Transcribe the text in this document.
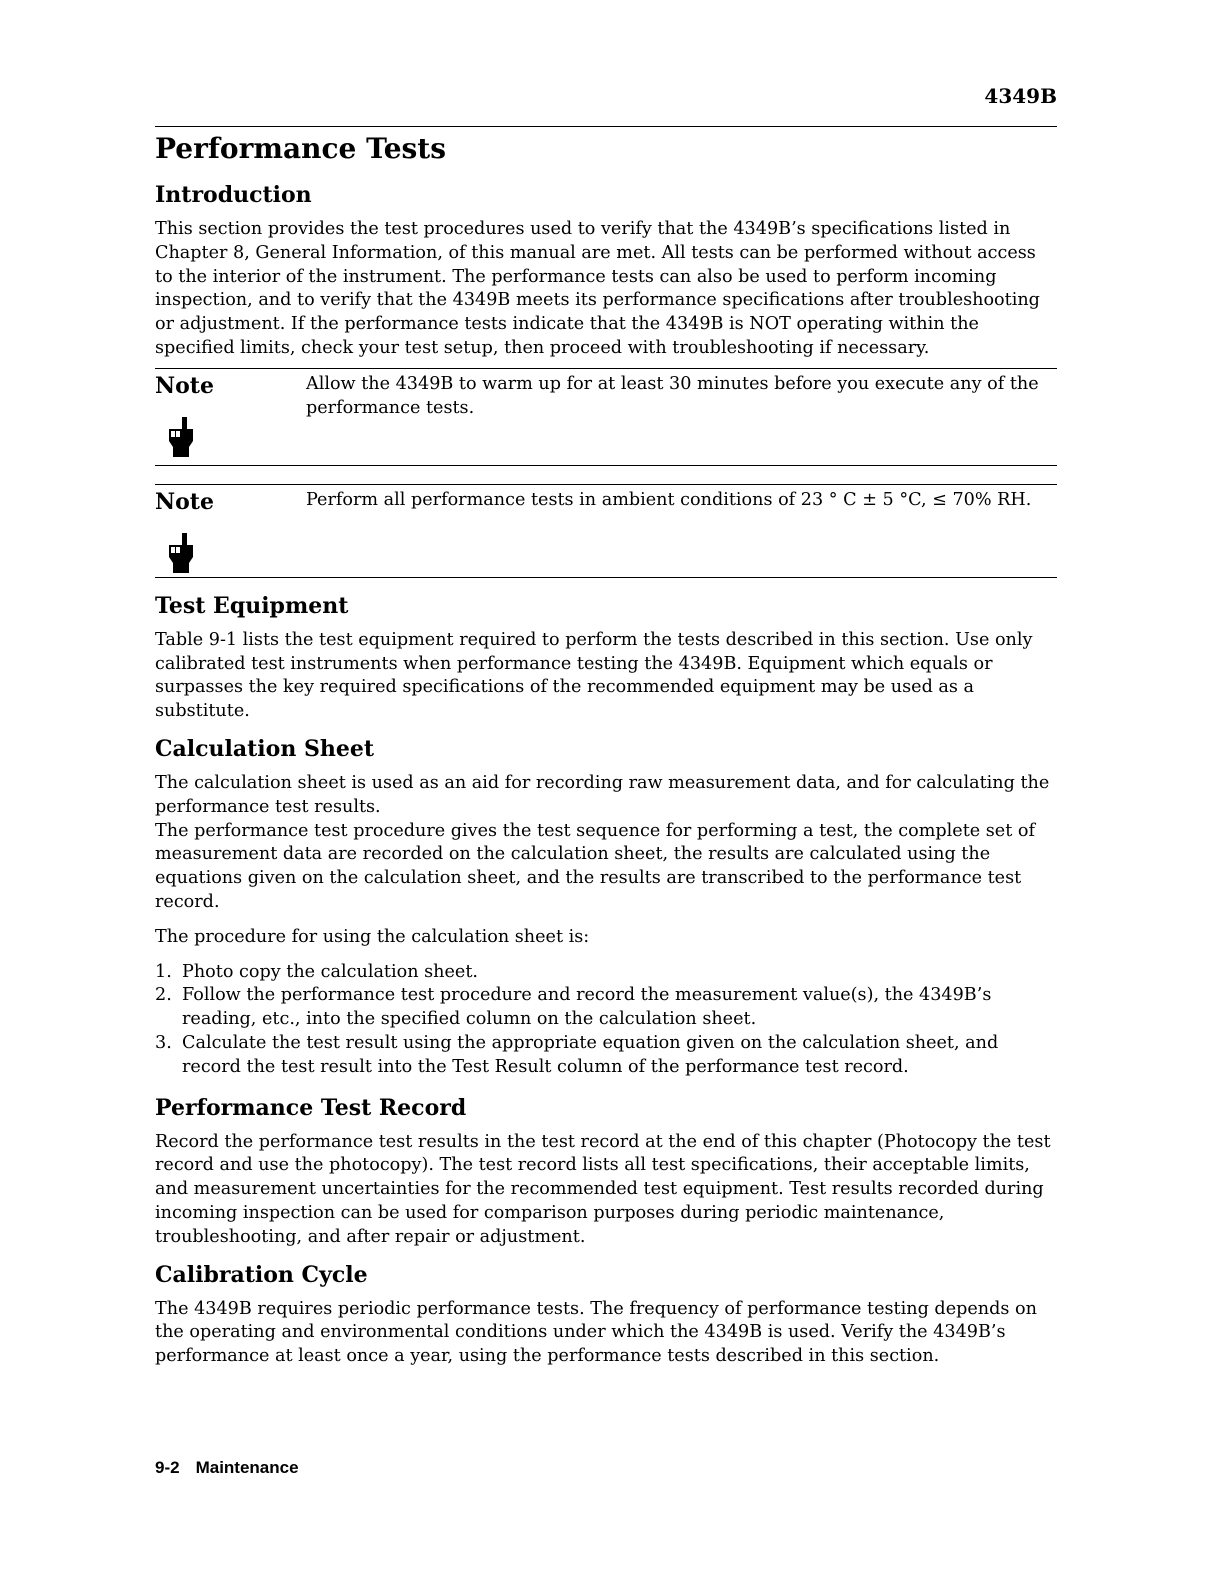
4349B
Performance Tests
Introduction

This section provides the test procedures used to verify that the 4349B’s specifications listed in Chapter 8, General Information, of this manual are met. All tests can be performed without access to the interior of the instrument. The performance tests can also be used to perform incoming inspection, and to verify that the 4349B meets its performance specifications after troubleshooting or adjustment. If the performance tests indicate that the 4349B is NOT operating within the specified limits, check your test setup, then proceed with troubleshooting if necessary.

Note	Allow the 4349B to warm up for at least 30 minutes before you execute any of the performance tests.
Note	Perform all performance tests in ambient conditions of 23 ° C ± 5 °C, ≤ 70% RH.
Test Equipment

Table 9-1 lists the test equipment required to perform the tests described in this section. Use only calibrated test instruments when performance testing the 4349B. Equipment which equals or surpasses the key required specifications of the recommended equipment may be used as a substitute.

Calculation Sheet

The calculation sheet is used as an aid for recording raw measurement data, and for calculating the performance test results.

The performance test procedure gives the test sequence for performing a test, the complete set of measurement data are recorded on the calculation sheet, the results are calculated using the equations given on the calculation sheet, and the results are transcribed to the performance test record.

The procedure for using the calculation sheet is:

1. Photo copy the calculation sheet.
2. Follow the performance test procedure and record the measurement value(s), the 4349B’s reading, etc., into the specified column on the calculation sheet.
3. Calculate the test result using the appropriate equation given on the calculation sheet, and record the test result into the Test Result column of the performance test record.
Performance Test Record

Record the performance test results in the test record at the end of this chapter (Photocopy the test record and use the photocopy). The test record lists all test specifications, their acceptable limits, and measurement uncertainties for the recommended test equipment. Test results recorded during incoming inspection can be used for comparison purposes during periodic maintenance, troubleshooting, and after repair or adjustment.

Calibration Cycle

The 4349B requires periodic performance tests. The frequency of performance testing depends on the operating and environmental conditions under which the 4349B is used. Verify the 4349B’s performance at least once a year, using the performance tests described in this section.

9-2 Maintenance
